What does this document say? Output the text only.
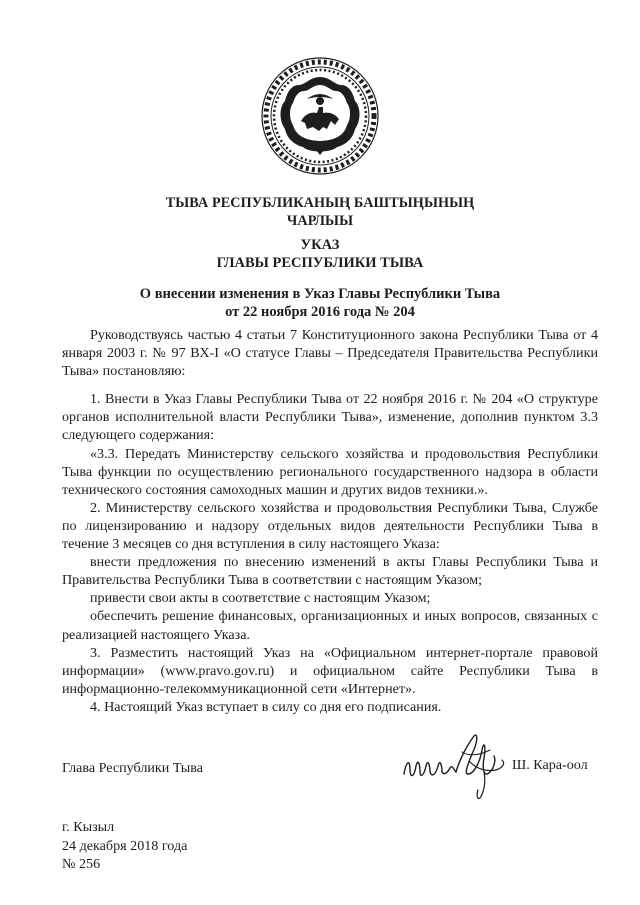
ТЫВА РЕСПУБЛИКАНЫҢ БАШТЫҢЫНЫҢ
ЧАРЛЫЫ
УКАЗ
ГЛАВЫ РЕСПУБЛИКИ ТЫВА
О внесении изменения в Указ Главы Республики Тыва
от 22 ноября 2016 года № 204

Руководствуясь частью 4 статьи 7 Конституционного закона Республики Тыва от 4 января 2003 г. № 97 ВХ-I «О статусе Главы – Председателя Правительства Республики Тыва» постановляю:

1. Внести в Указ Главы Республики Тыва от 22 ноября 2016 г. № 204 «О структуре органов исполнительной власти Республики Тыва», изменение, дополнив пунктом 3.3 следующего содержания:

«3.3. Передать Министерству сельского хозяйства и продовольствия Республики Тыва функции по осуществлению регионального государственного надзора в области технического состояния самоходных машин и других видов техники.».

2. Министерству сельского хозяйства и продовольствия Республики Тыва, Службе по лицензированию и надзору отдельных видов деятельности Республики Тыва в течение 3 месяцев со дня вступления в силу настоящего Указа:

внести предложения по внесению изменений в акты Главы Республики Тыва и Правительства Республики Тыва в соответствии с настоящим Указом;

привести свои акты в соответствие с настоящим Указом;

обеспечить решение финансовых, организационных и иных вопросов, связанных с реализацией настоящего Указа.

3. Разместить настоящий Указ на «Официальном интернет-портале правовой информации» (www.pravo.gov.ru) и официальном сайте Республики Тыва в информационно-телекоммуникационной сети «Интернет».

4. Настоящий Указ вступает в силу со дня его подписания.

Глава Республики Тыва	Ш. Кара-оол
г. Кызыл
24 декабря 2018 года
№ 256
